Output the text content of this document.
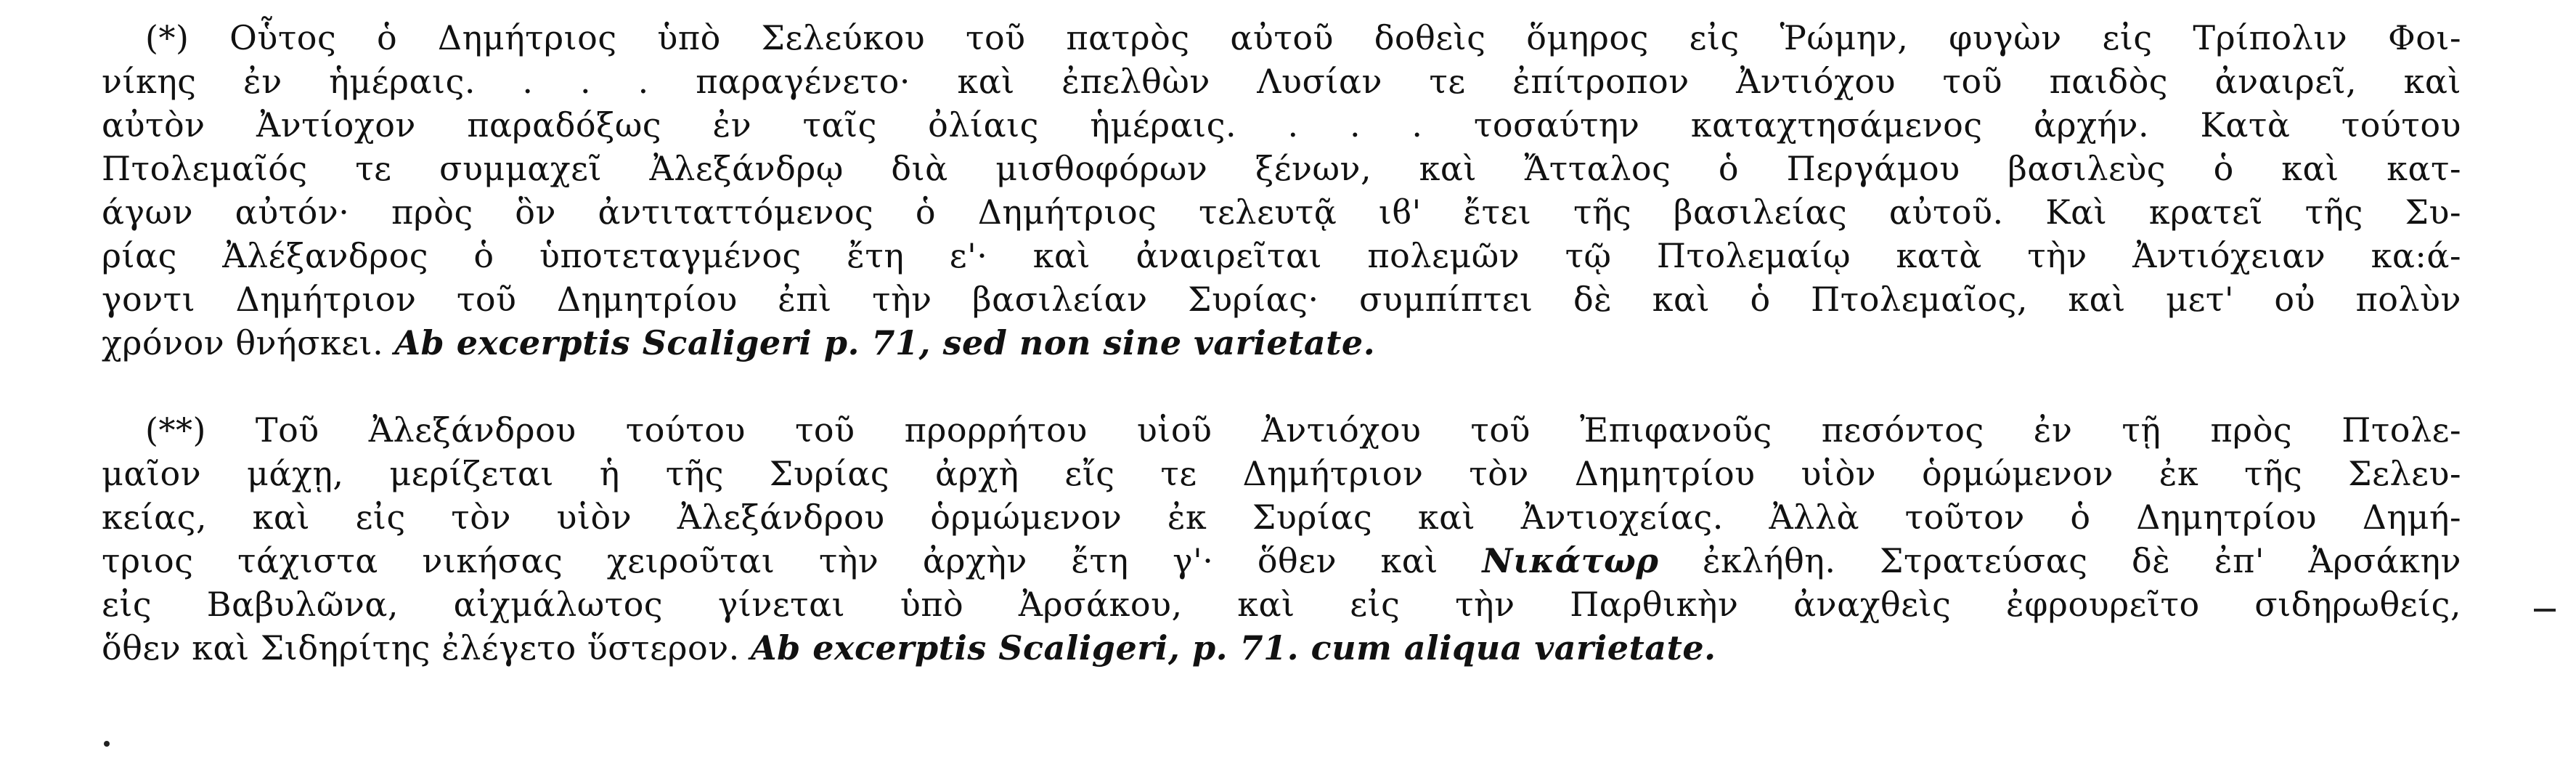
(*) Οὗτος ὁ Δημήτριος ὑπὸ Σελεύκου τοῦ πατρὸς αὐτοῦ δοθεὶς ὅμηρος εἰς Ῥώμην, φυγὼν εἰς Τρίπολιν Φοι-
νίκης ἐν ἡμέραις. . . . παραγένετο· καὶ ἐπελθὼν Λυσίαν τε ἐπίτροπον Ἀντιόχου τοῦ παιδὸς ἀναιρεῖ, καὶ
αὐτὸν Ἀντίοχον παραδόξως ἐν ταῖς ὀλίαις ἡμέραις. . . . τοσαύτην καταχτησάμενος ἀρχήν. Κατὰ τούτου
Πτολεμαῖός τε συμμαχεῖ Ἀλεξάνδρῳ διὰ μισθοφόρων ξένων, καὶ Ἄτταλος ὁ Περγάμου βασιλεὺς ὁ καὶ κατ-
άγων αὐτόν· πρὸς ὃν ἀντιταττόμενος ὁ Δημήτριος τελευτᾷ ιϐ' ἔτει τῆς βασιλείας αὐτοῦ. Καὶ κρατεῖ τῆς Συ-
ρίας Ἀλέξανδρος ὁ ὑποτεταγμένος ἔτη ε'· καὶ ἀναιρεῖται πολεμῶν τῷ Πτολεμαίῳ κατὰ τὴν Ἀντιόχειαν κα:ά-
γοντι Δημήτριον τοῦ Δημητρίου ἐπὶ τὴν βασιλείαν Συρίας· συμπίπτει δὲ καὶ ὁ Πτολεμαῖος, καὶ μετ' οὐ πολὺν
χρόνον θνήσκει. Ab excerptis Scaligeri p. 71, sed non sine varietate.
(**) Τοῦ Ἀλεξάνδρου τούτου τοῦ προρρήτου υἱοῦ Ἀντιόχου τοῦ Ἐπιφανοῦς πεσόντος ἐν τῇ πρὸς Πτολε-
μαῖον μάχῃ, μερίζεται ἡ τῆς Συρίας ἀρχὴ εἴς τε Δημήτριον τὸν Δημητρίου υἱὸν ὁρμώμενον ἐκ τῆς Σελευ-
κείας, καὶ εἰς τὸν υἱὸν Ἀλεξάνδρου ὁρμώμενον ἐκ Συρίας καὶ Ἀντιοχείας. Ἀλλὰ τοῦτον ὁ Δημητρίου Δημή-
τριος τάχιστα νικήσας χειροῦται τὴν ἀρχὴν ἔτη γ'· ὅθεν καὶ Νικάτωρ ἐκλήθη. Στρατεύσας δὲ ἐπ' Ἀρσάκην
εἰς Βαβυλῶνα, αἰχμάλωτος γίνεται ὑπὸ Ἀρσάκου, καὶ εἰς τὴν Παρθικὴν ἀναχθεὶς ἐφρουρεῖτο σιδηρωθείς,
ὅθεν καὶ Σιδηρίτης ἐλέγετο ὕστερον. Ab excerptis Scaligeri, p. 71. cum aliqua varietate.
